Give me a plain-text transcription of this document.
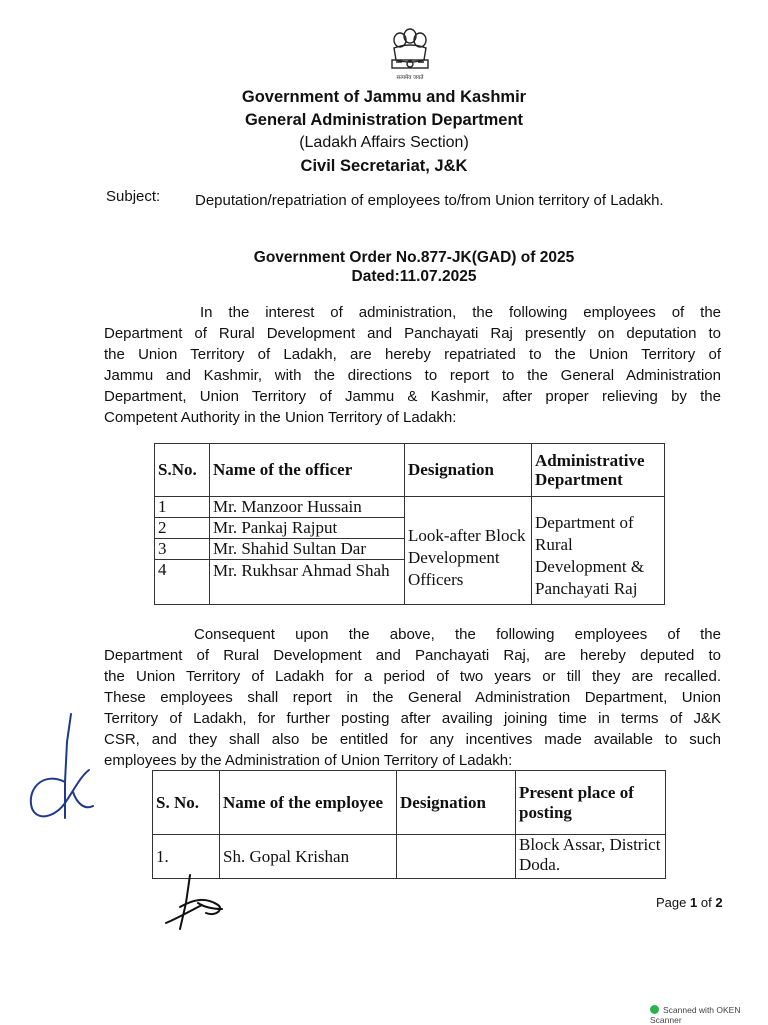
सत्यमेव जयते
Government of Jammu and Kashmir
General Administration Department
(Ladakh Affairs Section)
Civil Secretariat, J&K
Subject: Deputation/repatriation of employees to/from Union territory of Ladakh.
Government Order No.877-JK(GAD) of 2025
Dated:11.07.2025
In the interest of administration, the following employees of the
Department of Rural Development and Panchayati Raj presently on deputation to
the Union Territory of Ladakh, are hereby repatriated to the Union Territory of
Jammu and Kashmir, with the directions to report to the General Administration
Department, Union Territory of Jammu & Kashmir, after proper relieving by the
Competent Authority in the Union Territory of Ladakh:
S.No.	Name of the officer	Designation	Administrative Department
1	Mr. Manzoor Hussain	Look-after Block Development Officers	Department of Rural Development & Panchayati Raj
2	Mr. Pankaj Rajput		
3	Mr. Shahid Sultan Dar		
4	Mr. Rukhsar Ahmad Shah		
Consequent upon the above, the following employees of the
Department of Rural Development and Panchayati Raj, are hereby deputed to
the Union Territory of Ladakh for a period of two years or till they are recalled.
These employees shall report in the General Administration Department, Union
Territory of Ladakh, for further posting after availing joining time in terms of J&K
CSR, and they shall also be entitled for any incentives made available to such
employees by the Administration of Union Territory of Ladakh:
S. No.	Name of the employee	Designation	Present place of posting
1.	Sh. Gopal Krishan		Block Assar, District Doda.
Page 1 of 2
Scanned with OKEN Scanner
